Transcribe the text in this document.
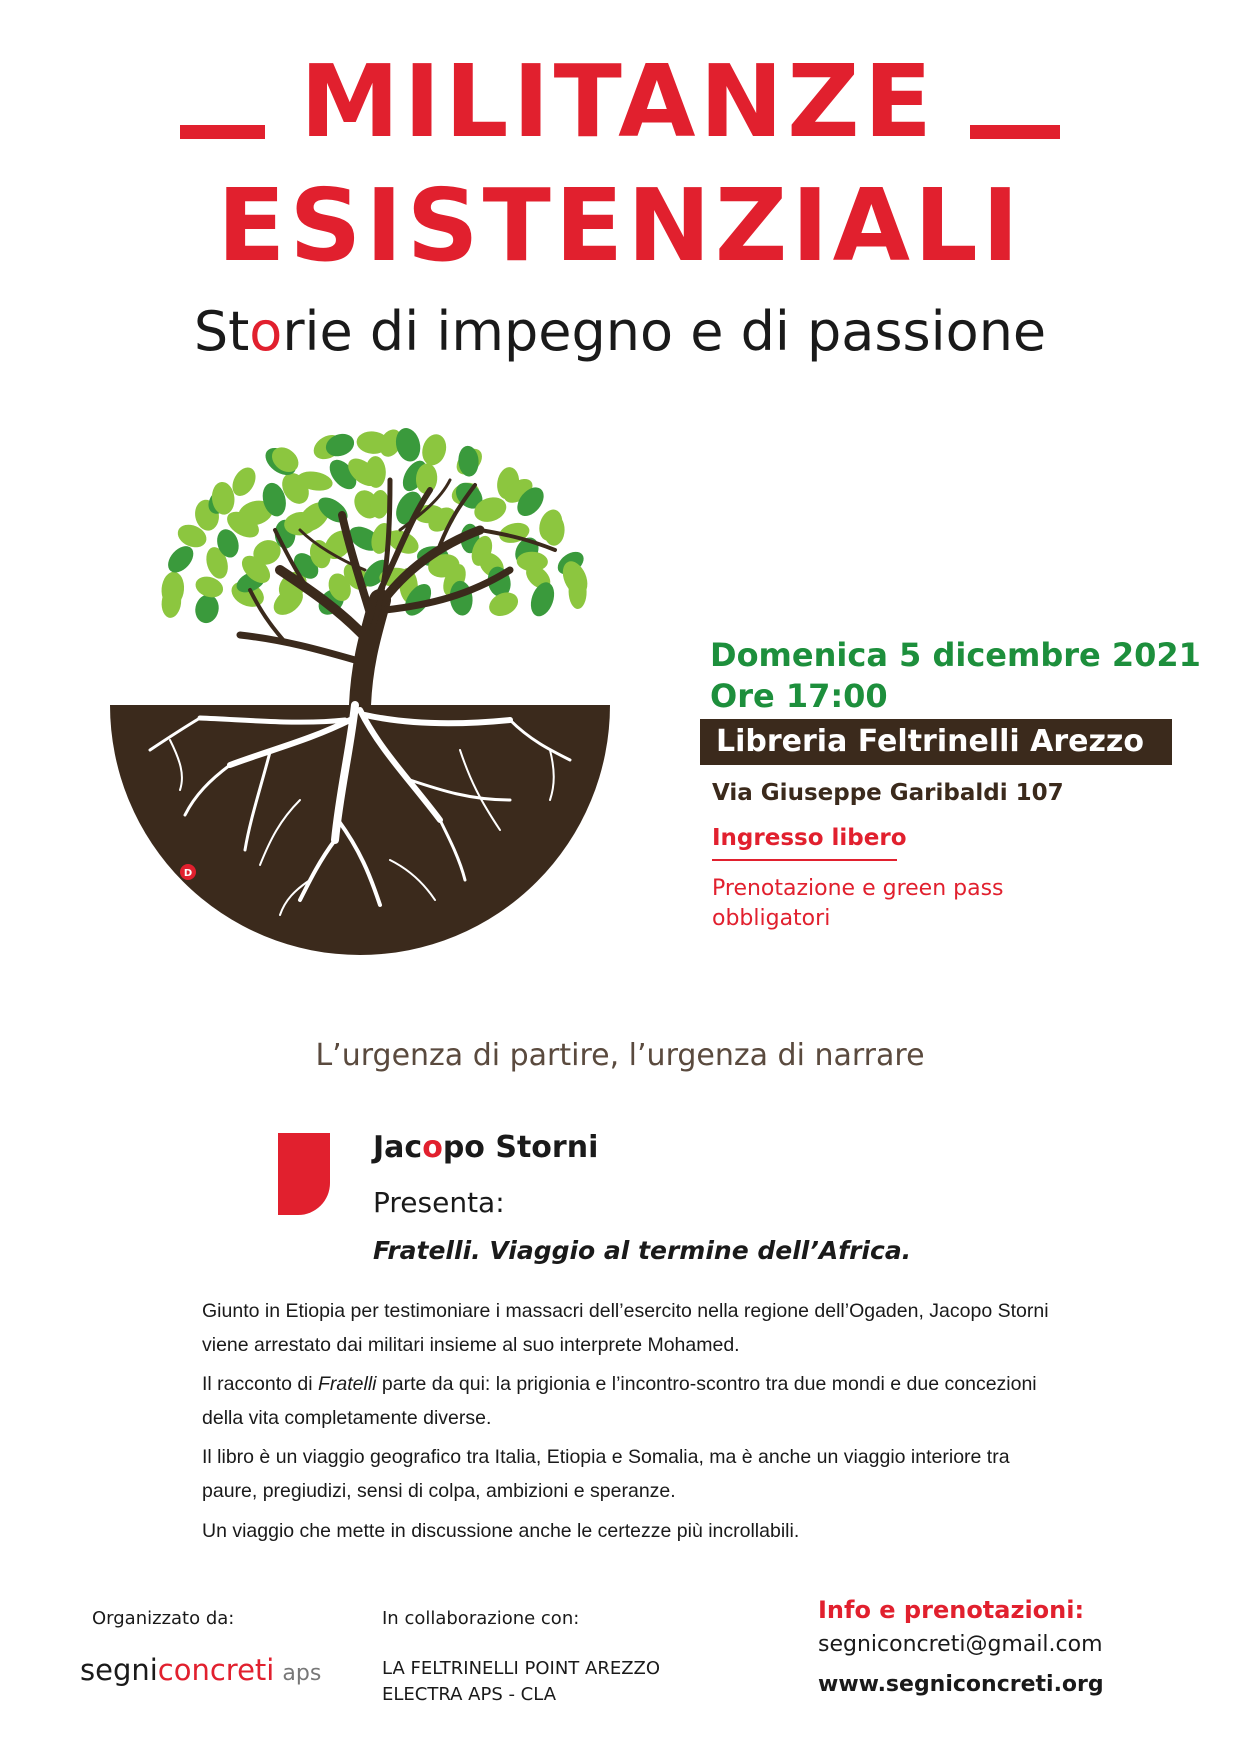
MILITANZE
ESISTENZIALI
Storie di impegno e di passione
D
Domenica 5 dicembre 2021
Ore 17:00
Libreria Feltrinelli Arezzo
Via Giuseppe Garibaldi 107
Ingresso libero
Prenotazione e green pass obbligatori
L’urgenza di partire, l’urgenza di narrare
Jacopo Storni
Presenta:
Fratelli. Viaggio al termine dell’Africa.
Giunto in Etiopia per testimoniare i massacri dell’esercito nella regione dell’Ogaden, Jacopo Storni viene arrestato dai militari insieme al suo interprete Mohamed.
Il racconto di Fratelli parte da qui: la prigionia e l’incontro-scontro tra due mondi e due concezioni della vita completamente diverse.
Il libro è un viaggio geografico tra Italia, Etiopia e Somalia, ma è anche un viaggio interiore tra paure, pregiudizi, sensi di colpa, ambizioni e speranze.
Un viaggio che mette in discussione anche le certezze più incrollabili.
Organizzato da:
segniconcreti aps
In collaborazione con:
LA FELTRINELLI POINT AREZZO
ELECTRA APS - CLA
Info e prenotazioni:
segniconcreti@gmail.com
www.segniconcreti.org
